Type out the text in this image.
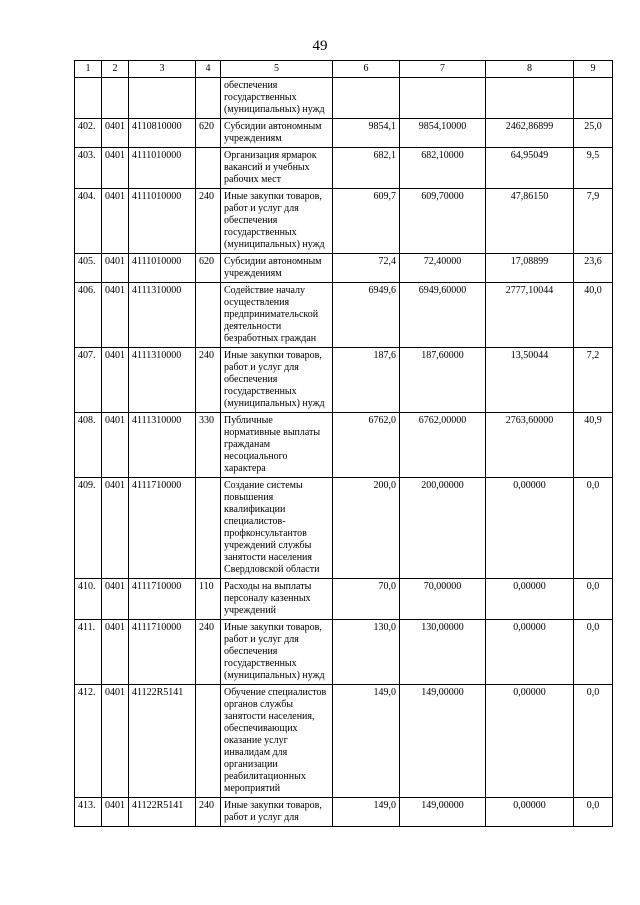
49
1	2	3	4	5	6	7	8	9
				обеспечения государственных (муниципальных) нужд				
402.	0401	4110810000	620	Субсидии автономным учреждениям	9854,1	9854,10000	2462,86899	25,0
403.	0401	4111010000		Организация ярмарок вакансий и учебных рабочих мест	682,1	682,10000	64,95049	9,5
404.	0401	4111010000	240	Иные закупки товаров, работ и услуг для обеспечения государственных (муниципальных) нужд	609,7	609,70000	47,86150	7,9
405.	0401	4111010000	620	Субсидии автономным учреждениям	72,4	72,40000	17,08899	23,6
406.	0401	4111310000		Содействие началу осуществления предпринимательской деятельности безработных граждан	6949,6	6949,60000	2777,10044	40,0
407.	0401	4111310000	240	Иные закупки товаров, работ и услуг для обеспечения государственных (муниципальных) нужд	187,6	187,60000	13,50044	7,2
408.	0401	4111310000	330	Публичные нормативные выплаты гражданам несоциального характера	6762,0	6762,00000	2763,60000	40,9
409.	0401	4111710000		Создание системы повышения квалификации специалистов-профконсультантов учреждений службы занятости населения Свердловской области	200,0	200,00000	0,00000	0,0
410.	0401	4111710000	110	Расходы на выплаты персоналу казенных учреждений	70,0	70,00000	0,00000	0,0
411.	0401	4111710000	240	Иные закупки товаров, работ и услуг для обеспечения государственных (муниципальных) нужд	130,0	130,00000	0,00000	0,0
412.	0401	41122R5141		Обучение специалистов органов службы занятости населения, обеспечивающих оказание услуг инвалидам для организации реабилитационных мероприятий	149,0	149,00000	0,00000	0,0
413.	0401	41122R5141	240	Иные закупки товаров, работ и услуг для	149,0	149,00000	0,00000	0,0
